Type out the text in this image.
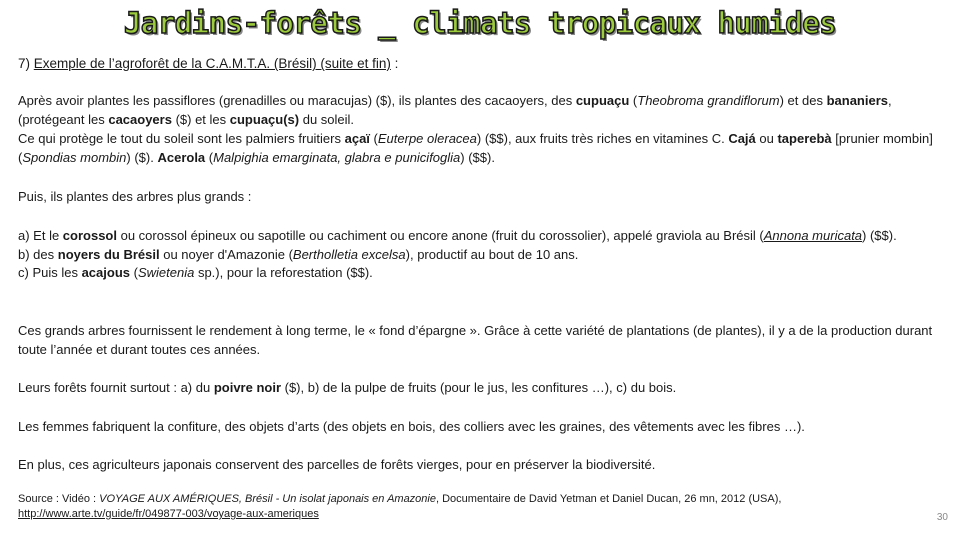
Jardins-forêts _ climats tropicaux humides
7) Exemple de l’agroforêt de la C.A.M.T.A. (Brésil) (suite et fin) :
Après avoir plantes les passiflores (grenadilles ou maracujas) ($), ils plantes des cacaoyers, des cupuaçu (Theobroma grandiflorum) et des bananiers, (protégeant les cacaoyers ($) et les cupuaçu(s) du soleil.
Ce qui protège le tout du soleil sont les palmiers fruitiers açaï (Euterpe oleracea) ($$), aux fruits très riches en vitamines C. Cajá ou taperebà [prunier mombin] (Spondias mombin) ($). Acerola (Malpighia emarginata, glabra e punicifoglia) ($$).
Puis, ils plantes des arbres plus grands :
a) Et le corossol ou corossol épineux ou sapotille ou cachiment ou encore anone (fruit du corossolier), appelé graviola au Brésil (Annona muricata) ($$).
b) des noyers du Brésil ou noyer d'Amazonie (Bertholletia excelsa), productif au bout de 10 ans.
c) Puis les acajous (Swietenia sp.), pour la reforestation ($$).
Ces grands arbres fournissent le rendement à long terme, le « fond d’épargne ». Grâce à cette variété de plantations (de plantes), il y a de la production durant toute l’année et durant toutes ces années.
Leurs forêts fournit surtout : a) du poivre noir ($), b) de la pulpe de fruits (pour le jus, les confitures …), c) du bois.
Les femmes fabriquent la confiture, des objets d’arts (des objets en bois, des colliers avec les graines, des vêtements avec les fibres …).
En plus, ces agriculteurs japonais conservent des parcelles de forêts vierges, pour en préserver la biodiversité.
Source : Vidéo : VOYAGE AUX AMÉRIQUES, Brésil - Un isolat japonais en Amazonie, Documentaire de David Yetman et Daniel Ducan, 26 mn, 2012 (USA),
http://www.arte.tv/guide/fr/049877-003/voyage-aux-ameriques	30
